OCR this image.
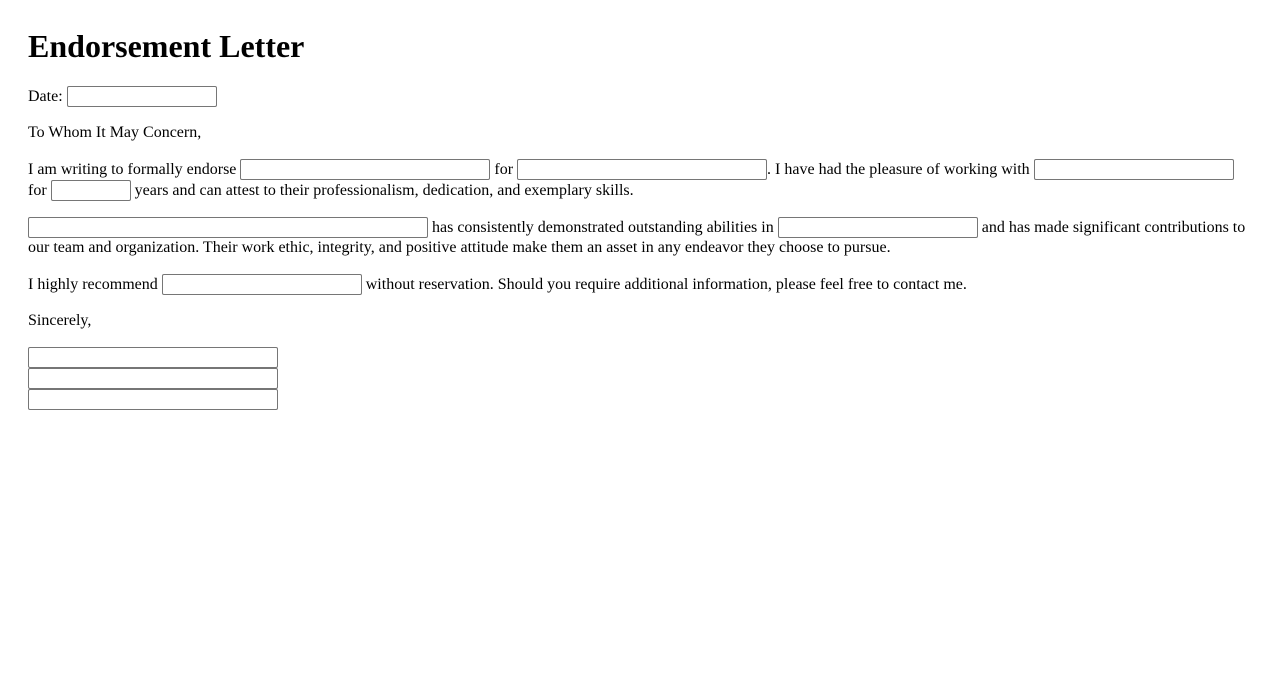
Endorsement Letter

Date:

To Whom It May Concern,

I am writing to formally endorse	for	. I have had the pleasure of working with  for	years and can attest to their professionalism, dedication, and exemplary skills.

has consistently demonstrated outstanding abilities in	and has made significant contributions to our team and organization. Their work ethic, integrity, and positive attitude make them an asset in any endeavor they choose to pursue.

I highly recommend	without reservation. Should you require additional information, please feel free to contact me.

Sincerely,
